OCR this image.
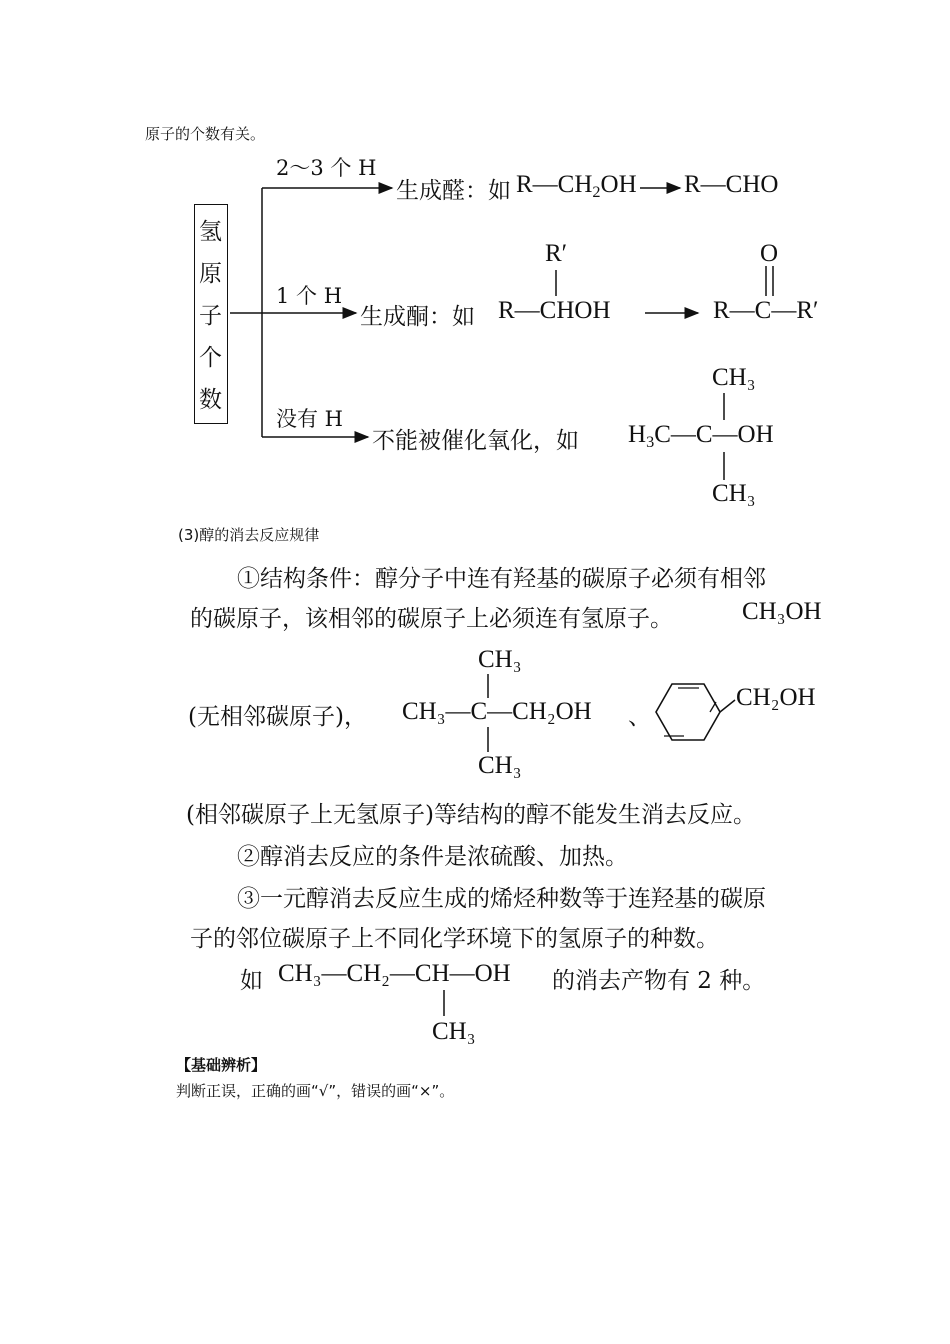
原子的个数有关。
氢
原
子
个
数
2～3 个 H
生成醛：如 $R—CH_2OH$ R—CHO
1 个 H
生成酮：如
R′
R—CHOH
O
R—C—R′
没有 H
不能被催化氧化，如
CH₃
$H_3C—C—OH$
CH₃
(3)醇的消去反应规律
①结构条件：醇分子中连有羟基的碳原子必须有相邻
的碳原子，该相邻的碳原子上必须连有氢原子。	CH₃OH
CH₃
(无相邻碳原子)， CH₃—C—CH₂OH
CH₃
、
CH₂OH
(相邻碳原子上无氢原子)等结构的醇不能发生消去反应。
②醇消去反应的条件是浓硫酸、加热。
③一元醇消去反应生成的烯烃种数等于连羟基的碳原
子的邻位碳原子上不同化学环境下的氢原子的种数。
如 CH₃—CH₂—CH—OH 的消去产物有 2 种。
CH₃
【基础辨析】
判断正误，正确的画“√”，错误的画“×”。
